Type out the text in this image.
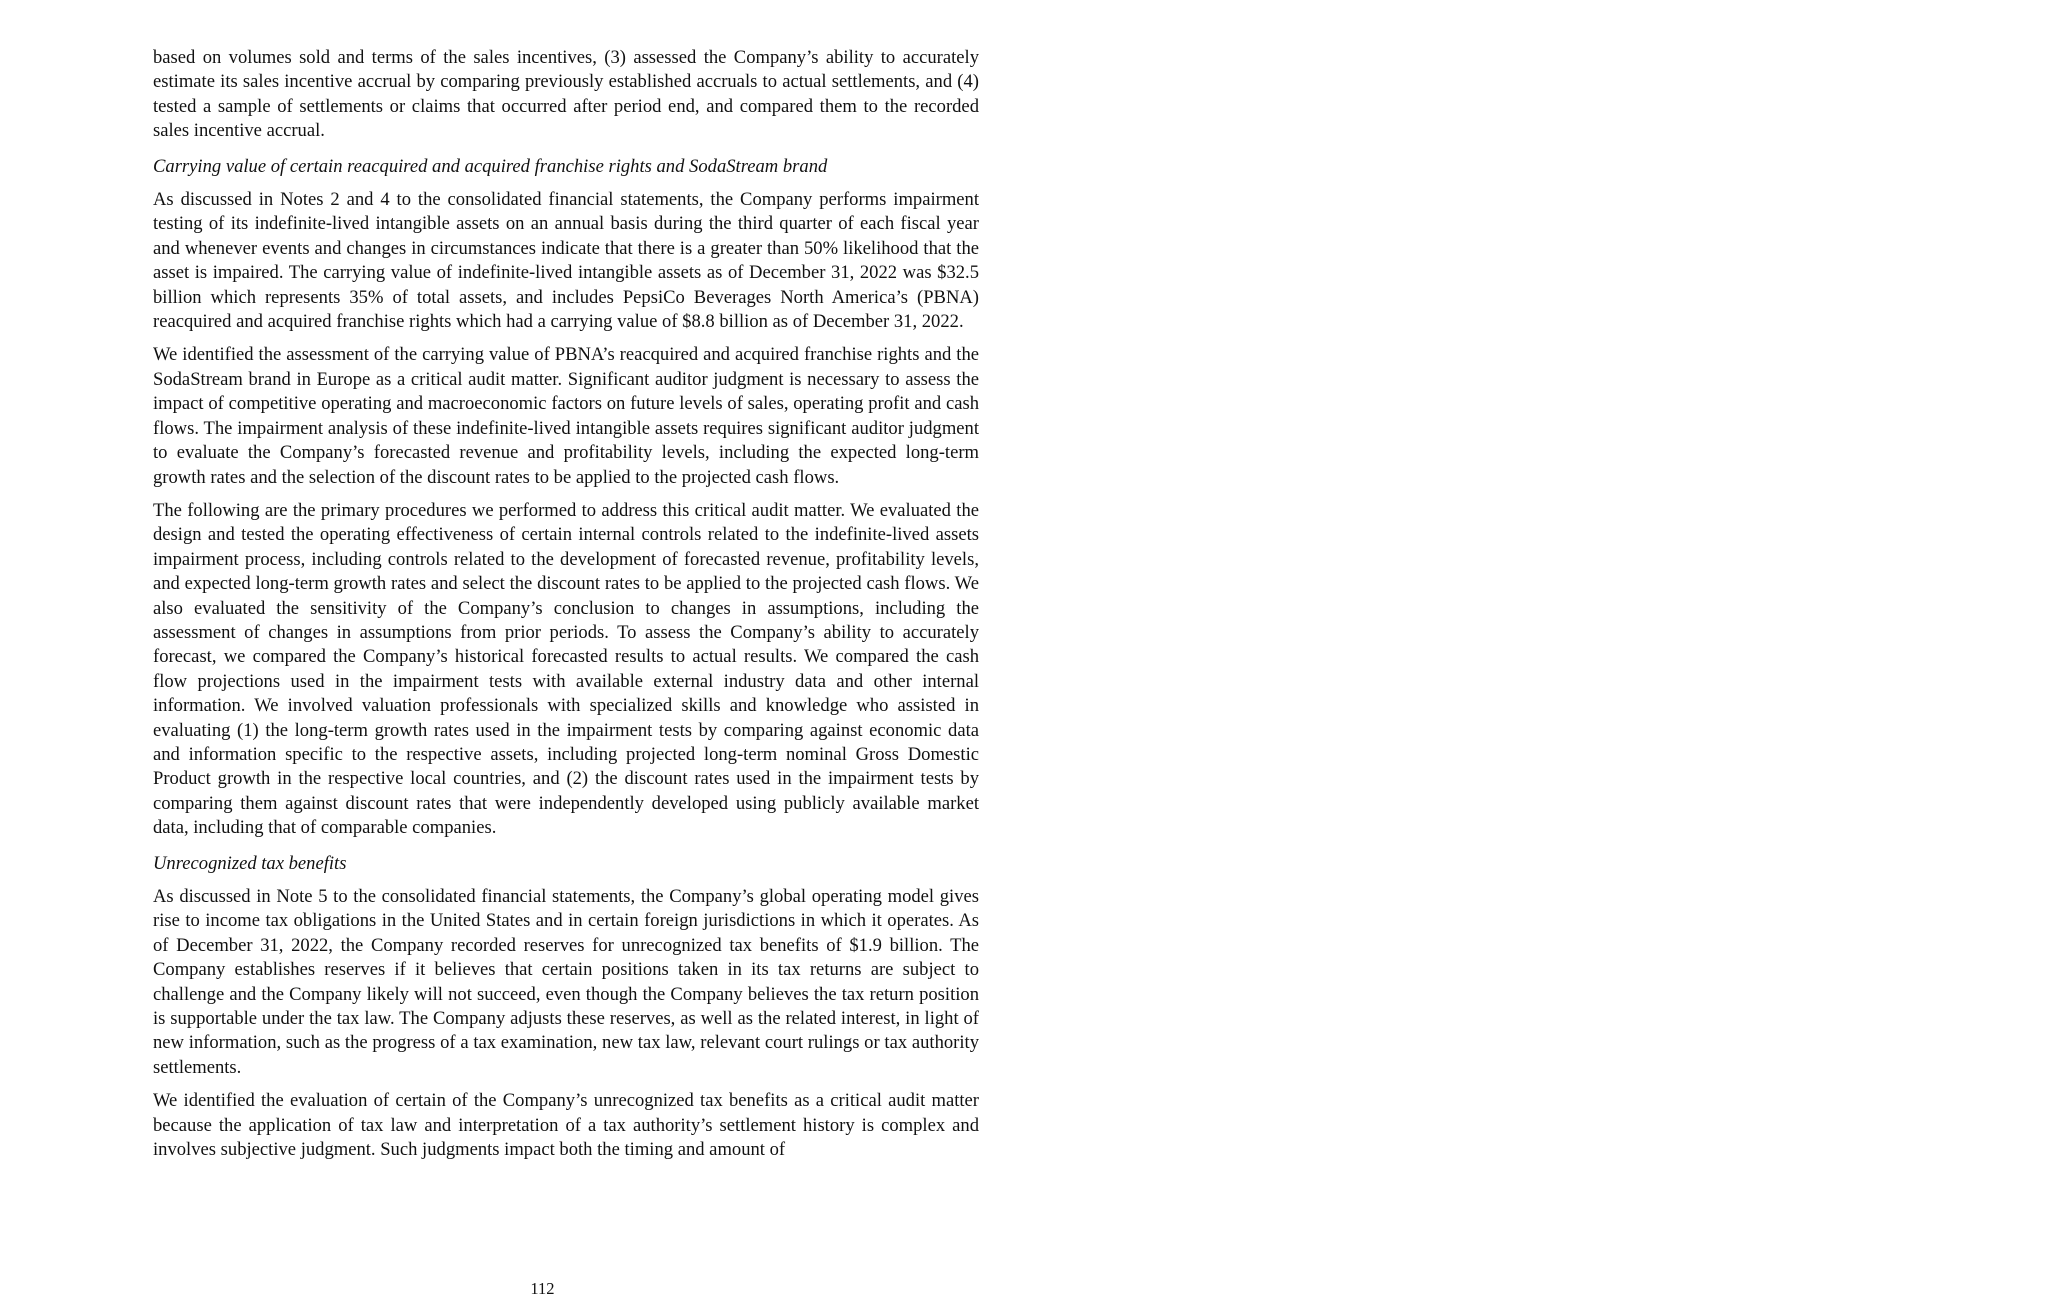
based on volumes sold and terms of the sales incentives, (3) assessed the Company’s ability to accurately estimate its sales incentive accrual by comparing previously established accruals to actual settlements, and (4) tested a sample of settlements or claims that occurred after period end, and compared them to the recorded sales incentive accrual.

Carrying value of certain reacquired and acquired franchise rights and SodaStream brand

As discussed in Notes 2 and 4 to the consolidated financial statements, the Company performs impairment testing of its indefinite-lived intangible assets on an annual basis during the third quarter of each fiscal year and whenever events and changes in circumstances indicate that there is a greater than 50% likelihood that the asset is impaired. The carrying value of indefinite-lived intangible assets as of December 31, 2022 was $32.5 billion which represents 35% of total assets, and includes PepsiCo Beverages North America’s (PBNA) reacquired and acquired franchise rights which had a carrying value of $8.8 billion as of December 31, 2022.

We identified the assessment of the carrying value of PBNA’s reacquired and acquired franchise rights and the SodaStream brand in Europe as a critical audit matter. Significant auditor judgment is necessary to assess the impact of competitive operating and macroeconomic factors on future levels of sales, operating profit and cash flows. The impairment analysis of these indefinite-lived intangible assets requires significant auditor judgment to evaluate the Company’s forecasted revenue and profitability levels, including the expected long-term growth rates and the selection of the discount rates to be applied to the projected cash flows.

The following are the primary procedures we performed to address this critical audit matter. We evaluated the design and tested the operating effectiveness of certain internal controls related to the indefinite-lived assets impairment process, including controls related to the development of forecasted revenue, profitability levels, and expected long-term growth rates and select the discount rates to be applied to the projected cash flows. We also evaluated the sensitivity of the Company’s conclusion to changes in assumptions, including the assessment of changes in assumptions from prior periods. To assess the Company’s ability to accurately forecast, we compared the Company’s historical forecasted results to actual results. We compared the cash flow projections used in the impairment tests with available external industry data and other internal information. We involved valuation professionals with specialized skills and knowledge who assisted in evaluating (1) the long-term growth rates used in the impairment tests by comparing against economic data and information specific to the respective assets, including projected long-term nominal Gross Domestic Product growth in the respective local countries, and (2) the discount rates used in the impairment tests by comparing them against discount rates that were independently developed using publicly available market data, including that of comparable companies.

Unrecognized tax benefits

As discussed in Note 5 to the consolidated financial statements, the Company’s global operating model gives rise to income tax obligations in the United States and in certain foreign jurisdictions in which it operates. As of December 31, 2022, the Company recorded reserves for unrecognized tax benefits of $1.9 billion. The Company establishes reserves if it believes that certain positions taken in its tax returns are subject to challenge and the Company likely will not succeed, even though the Company believes the tax return position is supportable under the tax law. The Company adjusts these reserves, as well as the related interest, in light of new information, such as the progress of a tax examination, new tax law, relevant court rulings or tax authority settlements.

We identified the evaluation of certain of the Company’s unrecognized tax benefits as a critical audit matter because the application of tax law and interpretation of a tax authority’s settlement history is complex and involves subjective judgment. Such judgments impact both the timing and amount of

112
